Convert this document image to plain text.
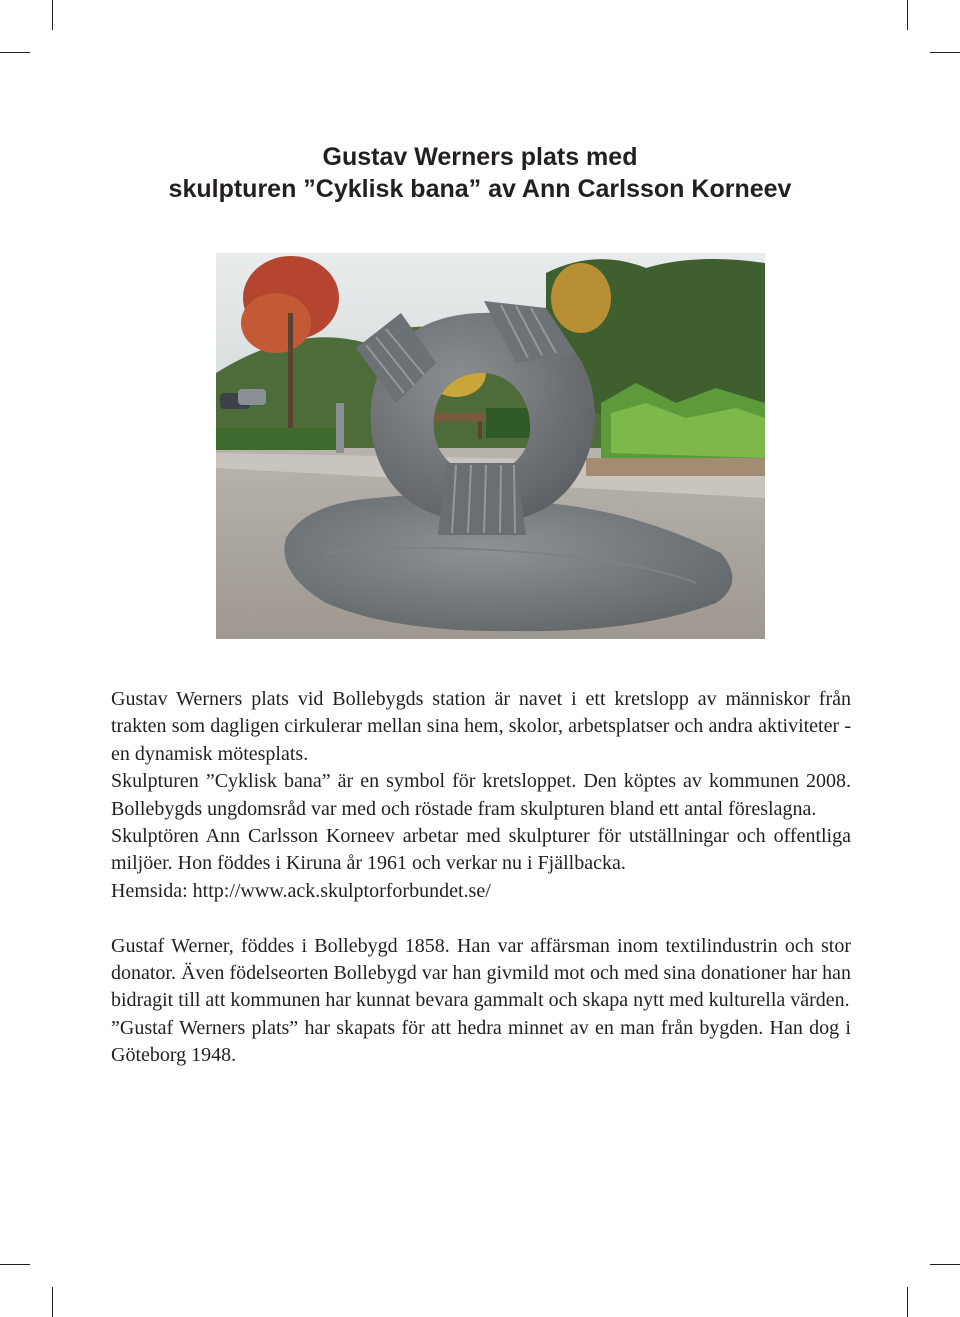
Gustav Werners plats med
skulpturen ”Cyklisk bana” av Ann Carlsson Korneev

Gustav Werners plats vid Bollebygds station är navet i ett kretslopp av människor från trakten som dagligen cirkulerar mellan sina hem, skolor, arbetsplatser och andra aktiviteter - en dynamisk mötesplats.

Skulpturen ”Cyklisk bana” är en symbol för kretsloppet. Den köptes av kommunen 2008. Bollebygds ungdomsråd var med och röstade fram skulpturen bland ett antal föreslagna.

Skulptören Ann Carlsson Korneev arbetar med skulpturer för utställningar och offentliga miljöer. Hon föddes i Kiruna år 1961 och verkar nu i Fjällbacka.

Hemsida: http://www.ack.skulptorforbundet.se/

Gustaf Werner, föddes i Bollebygd 1858. Han var affärsman inom textilindustrin och stor donator. Även födelseorten Bollebygd var han givmild mot och med sina donationer har han bidragit till att kommunen har kunnat bevara gammalt och skapa nytt med kulturella värden.

”Gustaf Werners plats” har skapats för att hedra minnet av en man från bygden. Han dog i Göteborg 1948.
